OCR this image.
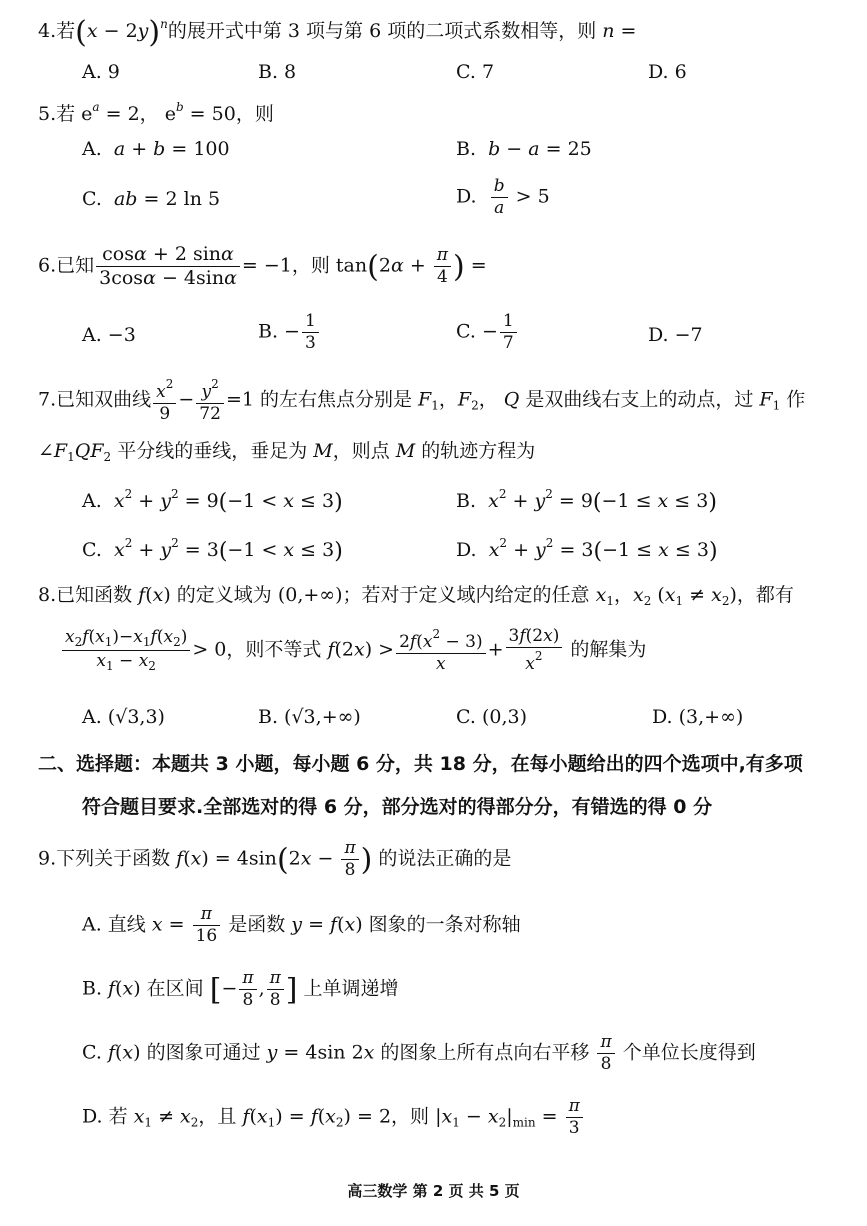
4.若$(x - 2y)^n$的展开式中第 3 项与第 6 项的二项式系数相等，则 n =
A. 9	B. 8	C. 7	D. 6
5.若 $e^a = 2$， $e^b = 50$，则
A.  a + b = 100	B.  b − a = 25
C.  ab = 2 ln 5	D. $\frac{b}{a} > 5$
6.已知 $\frac{\cos\alpha + 2 \sin\alpha}{3\cos\alpha - 4\sin\alpha} = -1$，则 $\tan(2\alpha + \frac{\pi}{4}$ ) =
A. −3	B. − $\frac{1}{3}$	C. − $\frac{1}{7}$	D. −7
7.已知双曲线 $\frac{x^2}{9} - \frac{y^2}{72} =1$ 的左右焦点分别是 $F_1$，$F_2$， Q 是双曲线右支上的动点，过 $F_1$ 作
$\angle F_1QF_2$ 平分线的垂线，垂足为 M，则点 M 的轨迹方程为
A.  $x^2 + y^2 = 9(-1 < x \le 3)$	B.  $x^2 + y^2 = 9(-1 \le x \le 3)$
C.  $x^2 + y^2 = 3(-1 < x \le 3)$	D.  $x^2 + y^2 = 3(-1 \le x \le 3)$
8.已知函数 f(x) 的定义域为 (0,+∞)；若对于定义域内给定的任意 $x_1$，$x_2$ $(x_1 \ne x_2)$，都有
$\frac{x_2f(x_1)-x_1f(x_2)}{x_1 - x_2} > 0$，则不等式 $f(2x) > \frac{2f(x^2 - 3)}{x} + \frac{3f(2x)}{x^2}$ 的解集为
A. (√3,3)	B. (√3,+∞)	C. (0,3)	D. (3,+∞)
二、选择题：本题共 3 小题，每小题 6 分，共 18 分，在每小题给出的四个选项中,有多项
符合题目要求.全部选对的得 6 分，部分选对的得部分分，有错选的得 0 分
9.下列关于函数 $f(x) = 4\sin(2x - \frac{\pi}{8}$ ) 的说法正确的是
A. 直线 $x = \frac{\pi}{16}$ 是函数 y = f(x) 图象的一条对称轴
B. f(x) 在区间 [− $\frac{\pi}{8}$ , $\frac{\pi}{8}$ ] 上单调递增
C. f(x) 的图象可通过 y = 4sin 2x 的图象上所有点向右平移 $\frac{\pi}{8}$ 个单位长度得到
D. 若 $x_1 \ne x_2$，且 $f(x_1) = f(x_2) = 2$，则 $|x_1 - x_2|_{min} = \frac{\pi}{3}$
高三数学 第 2 页 共 5 页
